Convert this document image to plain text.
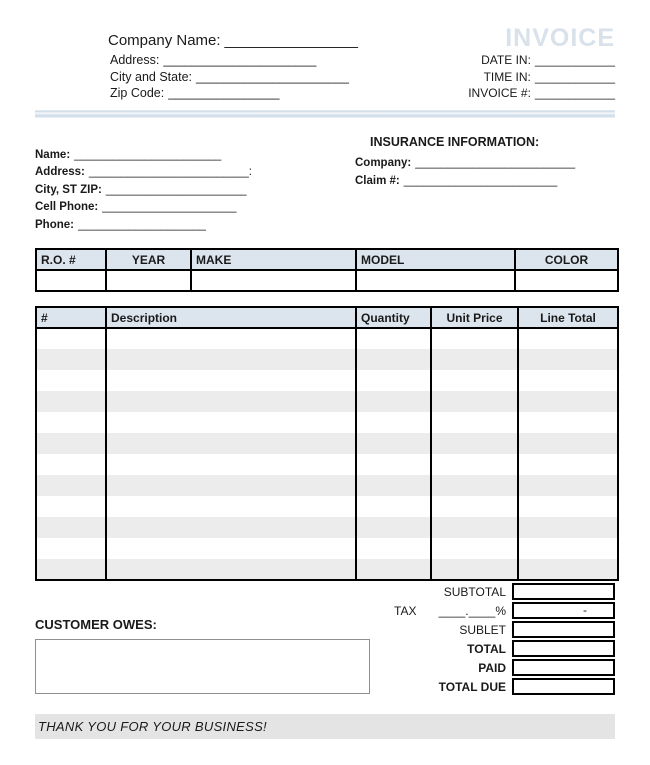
INVOICE
Company Name: ________________
Address: ______________________
City and State: ______________________
Zip Code: ________________
DATE IN: ____________
TIME IN: ____________
INVOICE #: ____________
Name: _______________________
Address: _________________________:
City, ST ZIP: ______________________
Cell Phone: _____________________
Phone: ____________________
INSURANCE INFORMATION:
Company: _________________________
Claim #: ________________________
R.O. #	YEAR	MAKE	MODEL	COLOR

#	Description	Quantity	Unit Price	Line Total

SUBTOTAL
TAX ____.____%	-
SUBLET
TOTAL
PAID
TOTAL DUE
CUSTOMER OWES:
THANK YOU FOR YOUR BUSINESS!
